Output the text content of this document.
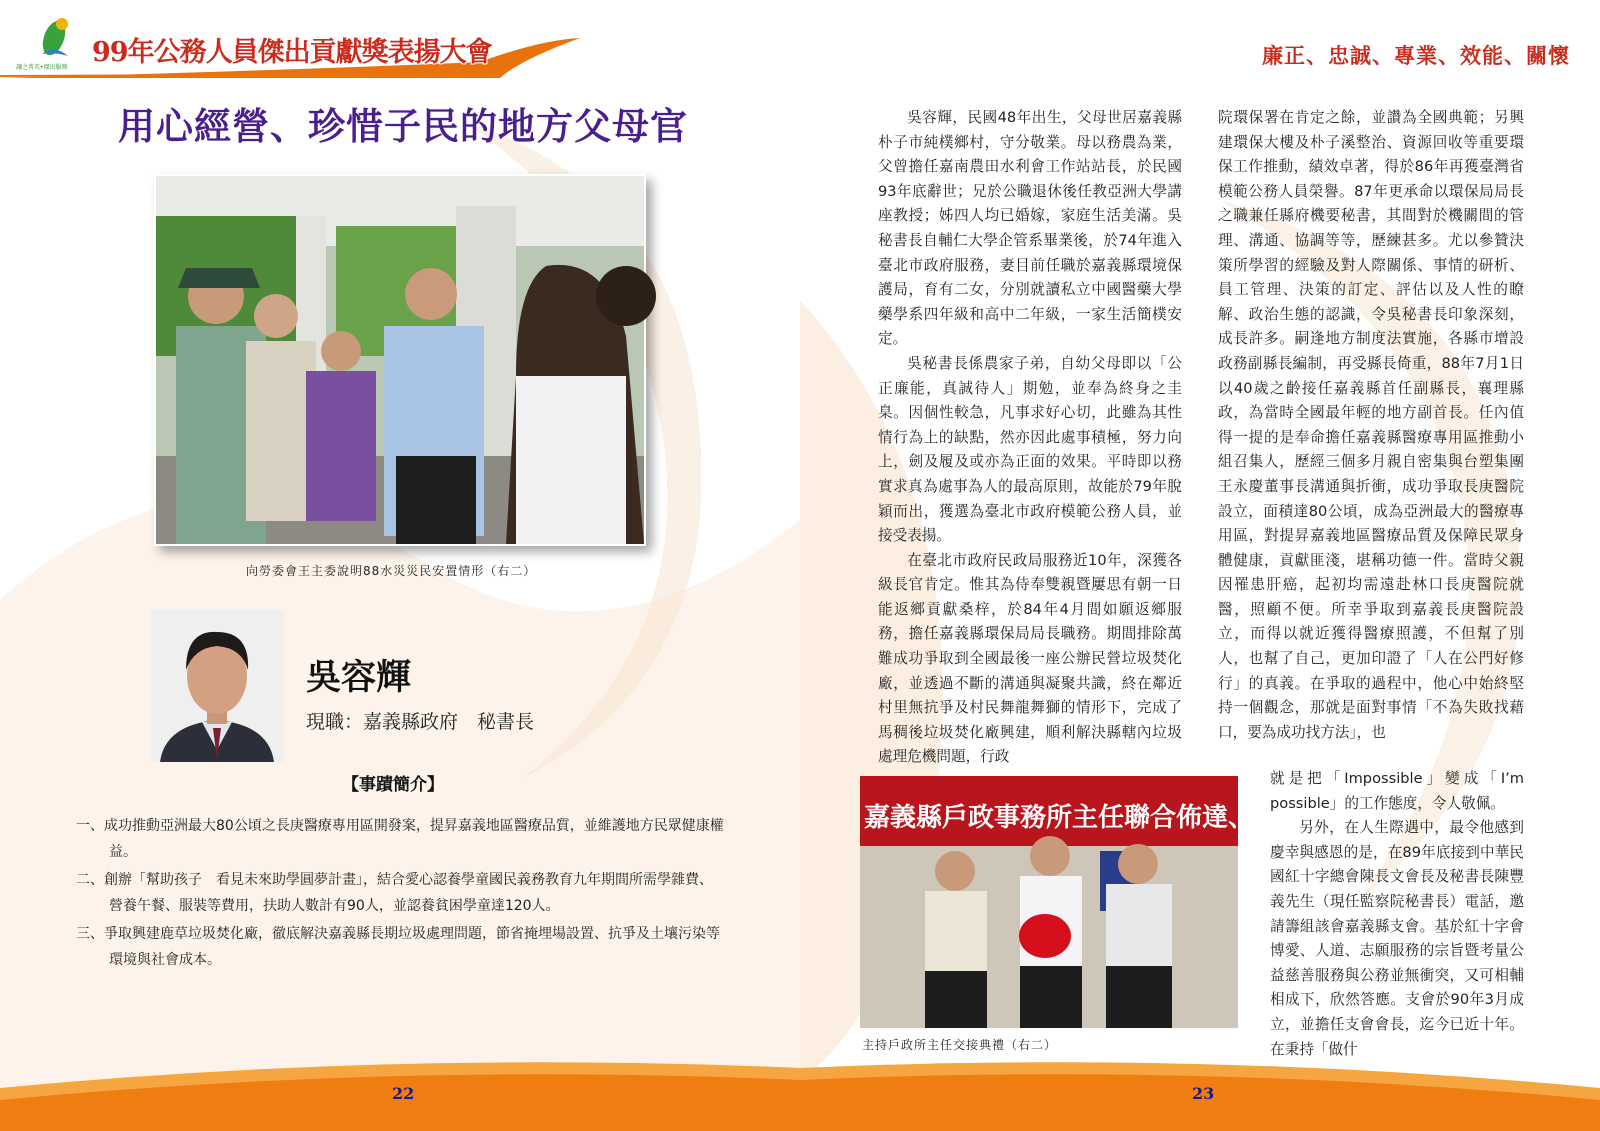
讓之菁英•傑出服務 99年公務人員傑出貢獻獎表揚大會
用心經營、珍惜子民的地方父母官
向勞委會王主委說明88水災災民安置情形（右二）
吳容輝
現職：嘉義縣政府　秘書長
【事蹟簡介】
一、成功推動亞洲最大80公頃之長庚醫療專用區開發案，提昇嘉義地區醫療品質，並維護地方民眾健康權益。
二、創辦「幫助孩子　看見未來助學圓夢計畫」，結合愛心認養學童國民義務教育九年期間所需學雜費、營養午餐、服裝等費用，扶助人數計有90人，並認養貧困學童達120人。
三、爭取興建鹿草垃圾焚化廠，徹底解決嘉義縣長期垃圾處理問題，節省掩埋場設置、抗爭及土壤污染等環境與社會成本。
22
廉正、忠誠、專業、效能、關懷

吳容輝，民國48年出生，父母世居嘉義縣朴子市純樸鄉村，守分敬業。母以務農為業，父曾擔任嘉南農田水利會工作站站長，於民國93年底辭世；兄於公職退休後任教亞洲大學講座教授；姊四人均已婚嫁，家庭生活美滿。吳秘書長自輔仁大學企管系畢業後，於74年進入臺北市政府服務，妻目前任職於嘉義縣環境保護局，育有二女，分別就讀私立中國醫藥大學藥學系四年級和高中二年級，一家生活簡樸安定。

吳秘書長係農家子弟，自幼父母即以「公正廉能，真誠待人」期勉，並奉為終身之圭臬。因個性較急，凡事求好心切，此雖為其性情行為上的缺點，然亦因此處事積極，努力向上，劍及履及或亦為正面的效果。平時即以務實求真為處事為人的最高原則，故能於79年脫穎而出，獲選為臺北市政府模範公務人員，並接受表揚。

在臺北市政府民政局服務近10年，深獲各級長官肯定。惟其為侍奉雙親暨屢思有朝一日能返鄉貢獻桑梓，於84年4月間如願返鄉服務，擔任嘉義縣環保局局長職務。期間排除萬難成功爭取到全國最後一座公辦民營垃圾焚化廠，並透過不斷的溝通與凝聚共識，終在鄰近村里無抗爭及村民舞龍舞獅的情形下，完成了馬稠後垃圾焚化廠興建，順利解決縣轄內垃圾處理危機問題，行政

院環保署在肯定之餘，並讚為全國典範；另興建環保大樓及朴子溪整治、資源回收等重要環保工作推動，績效卓著，得於86年再獲臺灣省模範公務人員榮譽。87年更承命以環保局局長之職兼任縣府機要秘書，其間對於機關間的管理、溝通、協調等等，歷練甚多。尤以參贊決策所學習的經驗及對人際關係、事情的研析、員工管理、決策的訂定、評估以及人性的瞭解、政治生態的認識，令吳秘書長印象深刻，成長許多。嗣逢地方制度法實施，各縣市增設政務副縣長編制，再受縣長倚重，88年7月1日以40歲之齡接任嘉義縣首任副縣長，襄理縣政，為當時全國最年輕的地方副首長。任內值得一提的是奉命擔任嘉義縣醫療專用區推動小組召集人，歷經三個多月親自密集與台塑集團王永慶董事長溝通與折衝，成功爭取長庚醫院設立，面積達80公頃，成為亞洲最大的醫療專用區，對提昇嘉義地區醫療品質及保障民眾身體健康，貢獻匪淺，堪稱功德一件。當時父親因罹患肝癌，起初均需遠赴林口長庚醫院就醫，照顧不便。所幸爭取到嘉義長庚醫院設立，而得以就近獲得醫療照護，不但幫了別人，也幫了自己，更加印證了「人在公門好修行」的真義。在爭取的過程中，他心中始終堅持一個觀念，那就是面對事情「不為失敗找藉口，要為成功找方法」，也

嘉義縣戶政事務所主任聯合佈達、交接、宣
主持戶政所主任交接典禮（右二）

就是把「Impossible」變成「I’m possible」的工作態度，令人敬佩。

另外，在人生際遇中，最令他感到慶幸與感恩的是，在89年底接到中華民國紅十字總會陳長文會長及秘書長陳豐義先生（現任監察院秘書長）電話，邀請籌組該會嘉義縣支會。基於紅十字會博愛、人道、志願服務的宗旨暨考量公益慈善服務與公務並無衝突，又可相輔相成下，欣然答應。支會於90年3月成立，並擔任支會會長，迄今已近十年。在秉持「做什

23
